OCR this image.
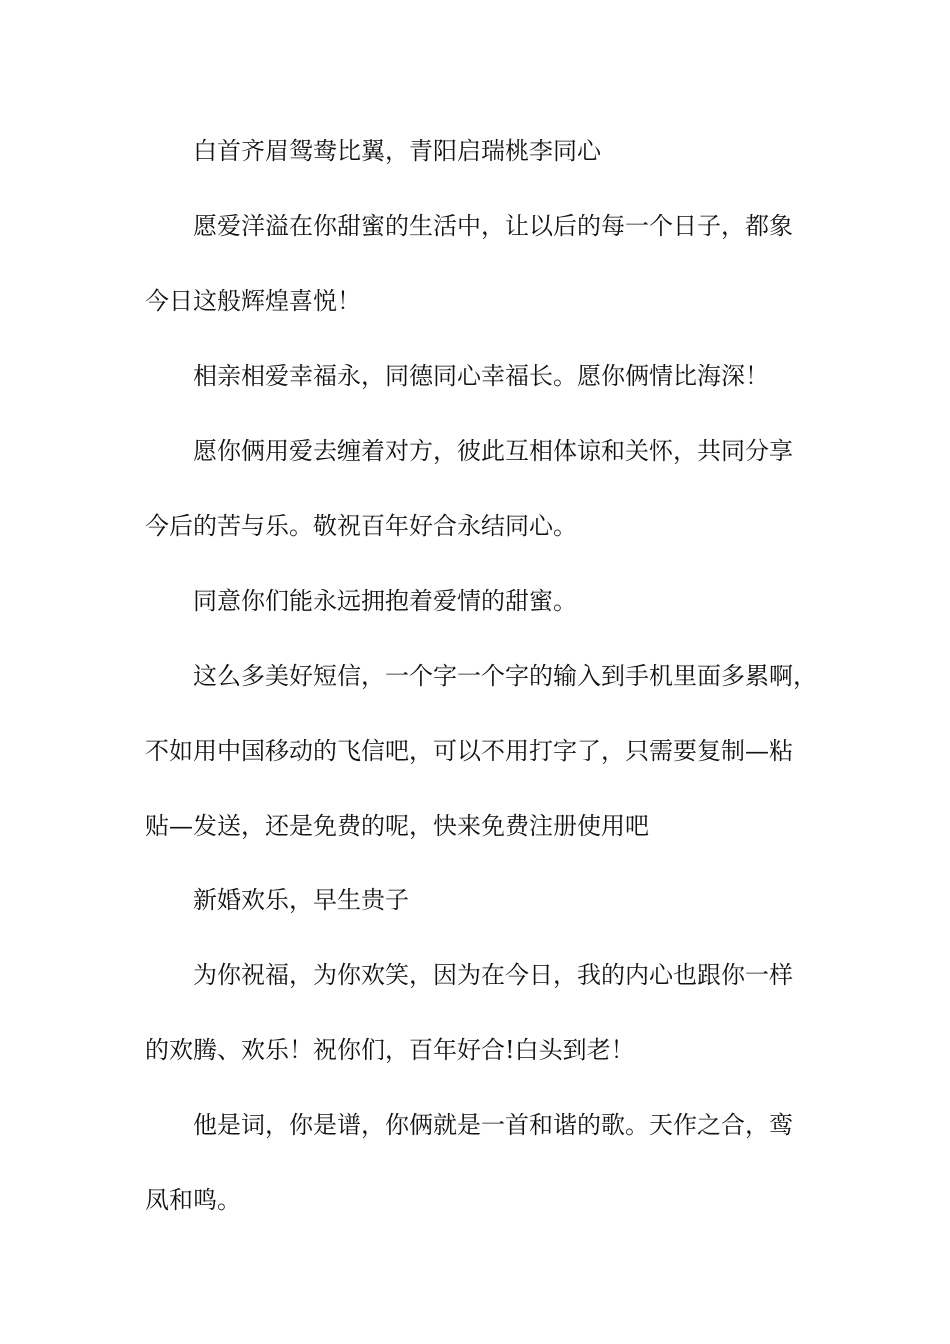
白首齐眉鸳鸯比翼，青阳启瑞桃李同心
愿爱洋溢在你甜蜜的生活中，让以后的每一个日子，都象
今日这般辉煌喜悦！
相亲相爱幸福永，同德同心幸福长。愿你俩情比海深！
愿你俩用爱去缠着对方，彼此互相体谅和关怀，共同分享
今后的苦与乐。敬祝百年好合永结同心。
同意你们能永远拥抱着爱情的甜蜜。
这么多美好短信，一个字一个字的输入到手机里面多累啊，
不如用中国移动的飞信吧，可以不用打字了，只需要复制—粘
贴—发送，还是免费的呢，快来免费注册使用吧
新婚欢乐，早生贵子
为你祝福，为你欢笑，因为在今日，我的内心也跟你一样
的欢腾、欢乐！祝你们，百年好合!白头到老！
他是词，你是谱，你俩就是一首和谐的歌。天作之合，鸾
凤和鸣。
